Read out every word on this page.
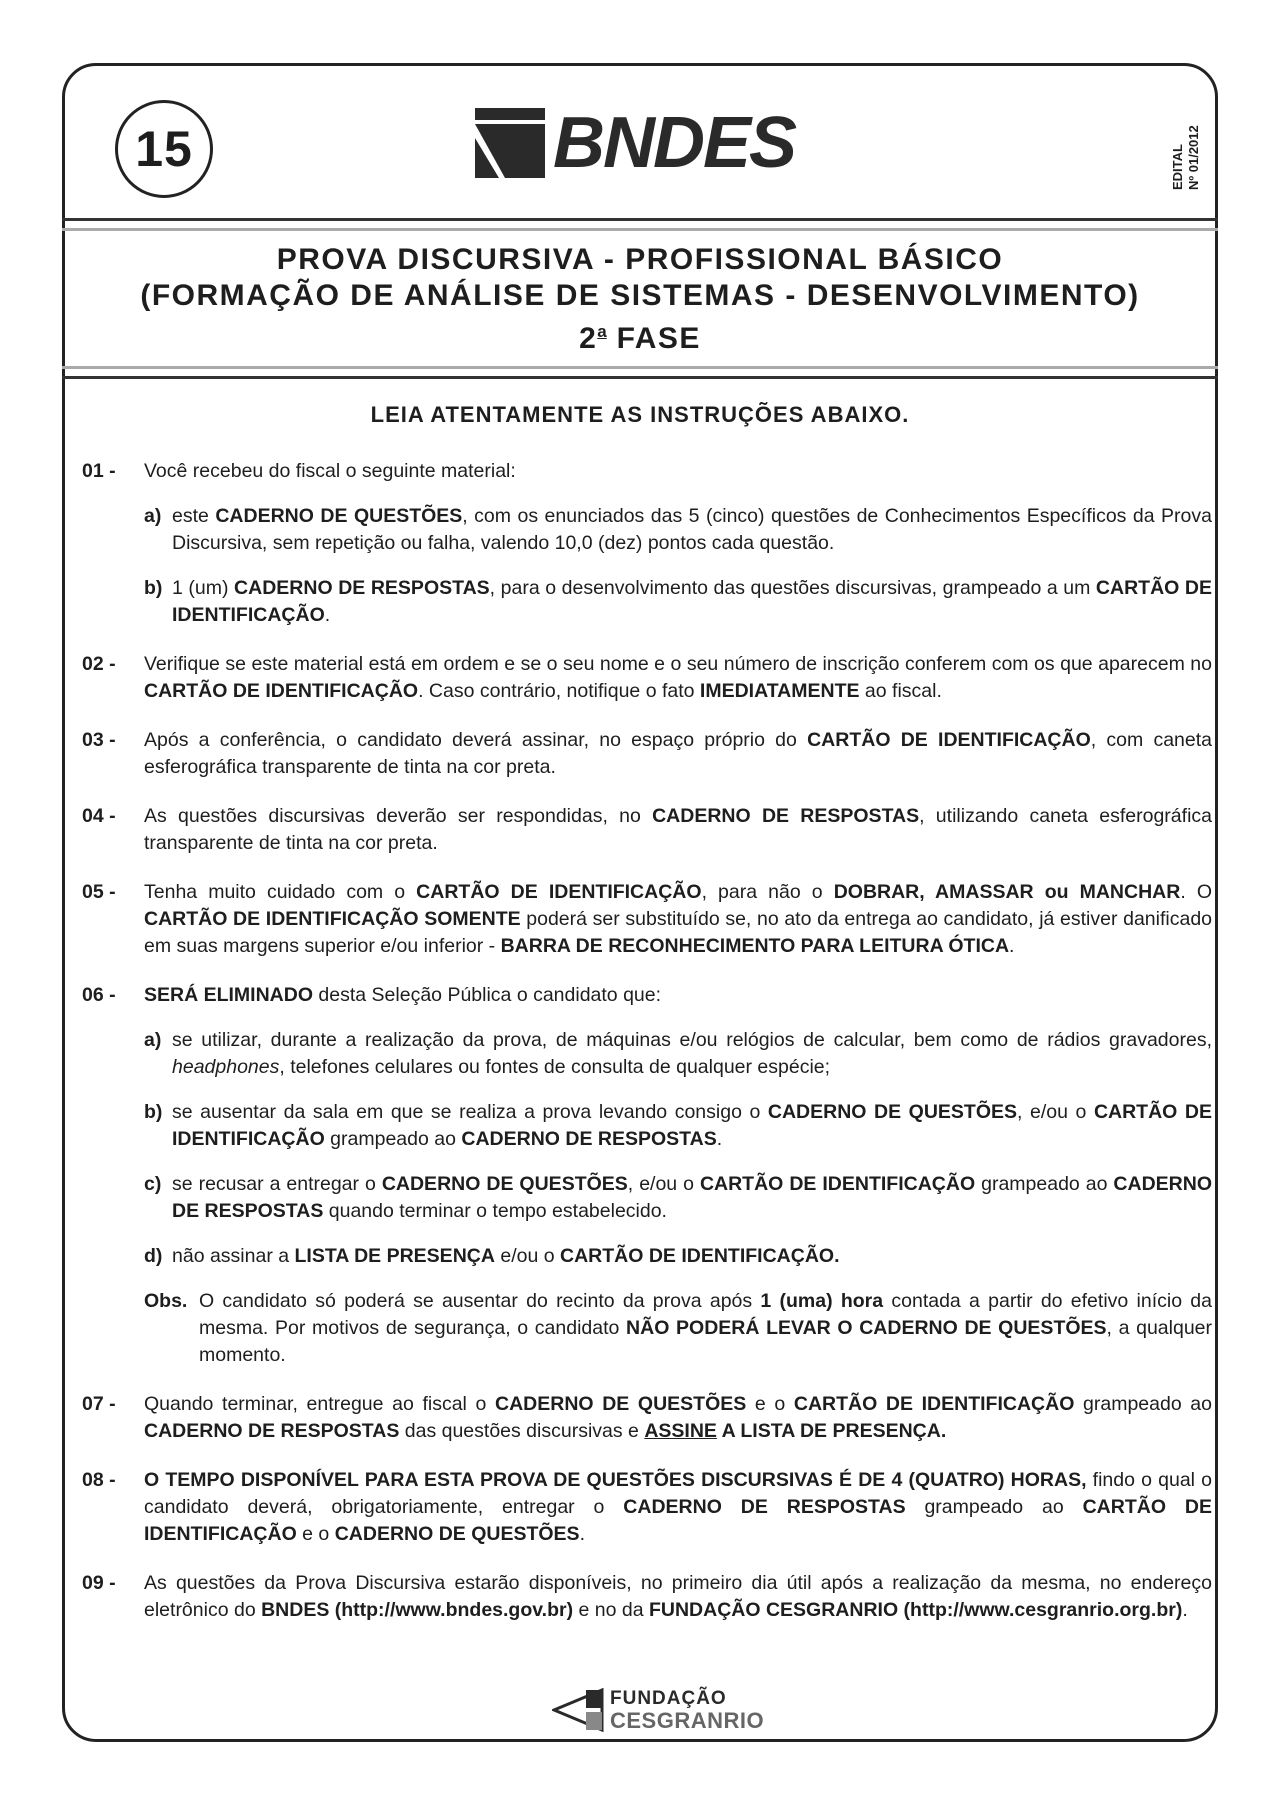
15	BNDES	EDITAL Nº 01/2012
PROVA DISCURSIVA - PROFISSIONAL BÁSICO
(FORMAÇÃO DE ANÁLISE DE SISTEMAS - DESENVOLVIMENTO)
2$^a$ FASE
LEIA ATENTAMENTE AS INSTRUÇÕES ABAIXO.
01 - Você recebeu do fiscal o seguinte material:
a) este CADERNO DE QUESTÕES, com os enunciados das 5 (cinco) questões de Conhecimentos Específicos da Prova Discursiva, sem repetição ou falha, valendo 10,0 (dez) pontos cada questão.
b) 1 (um) CADERNO DE RESPOSTAS, para o desenvolvimento das questões discursivas, grampeado a um CARTÃO DE IDENTIFICAÇÃO.
02 - Verifique se este material está em ordem e se o seu nome e o seu número de inscrição conferem com os que aparecem no CARTÃO DE IDENTIFICAÇÃO. Caso contrário, notifique o fato IMEDIATAMENTE ao fiscal.
03 - Após a conferência, o candidato deverá assinar, no espaço próprio do CARTÃO DE IDENTIFICAÇÃO, com caneta esferográfica transparente de tinta na cor preta.
04 - As questões discursivas deverão ser respondidas, no CADERNO DE RESPOSTAS, utilizando caneta esferográfica transparente de tinta na cor preta.
05 - Tenha muito cuidado com o CARTÃO DE IDENTIFICAÇÃO, para não o DOBRAR, AMASSAR ou MANCHAR. O CARTÃO DE IDENTIFICAÇÃO SOMENTE poderá ser substituído se, no ato da entrega ao candidato, já estiver danificado em suas margens superior e/ou inferior - BARRA DE RECONHECIMENTO PARA LEITURA ÓTICA.
06 - SERÁ ELIMINADO desta Seleção Pública o candidato que:
a) se utilizar, durante a realização da prova, de máquinas e/ou relógios de calcular, bem como de rádios gravadores, headphones, telefones celulares ou fontes de consulta de qualquer espécie;
b) se ausentar da sala em que se realiza a prova levando consigo o CADERNO DE QUESTÕES, e/ou o CARTÃO DE IDENTIFICAÇÃO grampeado ao CADERNO DE RESPOSTAS.
c) se recusar a entregar o CADERNO DE QUESTÕES, e/ou o CARTÃO DE IDENTIFICAÇÃO grampeado ao CADERNO DE RESPOSTAS quando terminar o tempo estabelecido.
d) não assinar a LISTA DE PRESENÇA e/ou o CARTÃO DE IDENTIFICAÇÃO.
Obs. O candidato só poderá se ausentar do recinto da prova após 1 (uma) hora contada a partir do efetivo início da mesma. Por motivos de segurança, o candidato NÃO PODERÁ LEVAR O CADERNO DE QUESTÕES, a qualquer momento.
07 - Quando terminar, entregue ao fiscal o CADERNO DE QUESTÕES e o CARTÃO DE IDENTIFICAÇÃO grampeado ao CADERNO DE RESPOSTAS das questões discursivas e ASSINE A LISTA DE PRESENÇA.
08 - O TEMPO DISPONÍVEL PARA ESTA PROVA DE QUESTÕES DISCURSIVAS É DE 4 (QUATRO) HORAS, findo o qual o candidato deverá, obrigatoriamente, entregar o CADERNO DE RESPOSTAS grampeado ao CARTÃO DE IDENTIFICAÇÃO e o CADERNO DE QUESTÕES.
09 - As questões da Prova Discursiva estarão disponíveis, no primeiro dia útil após a realização da mesma, no endereço eletrônico do BNDES (http://www.bndes.gov.br) e no da FUNDAÇÃO CESGRANRIO (http://www.cesgranrio.org.br).
FUNDAÇÃO
CESGRANRIO
